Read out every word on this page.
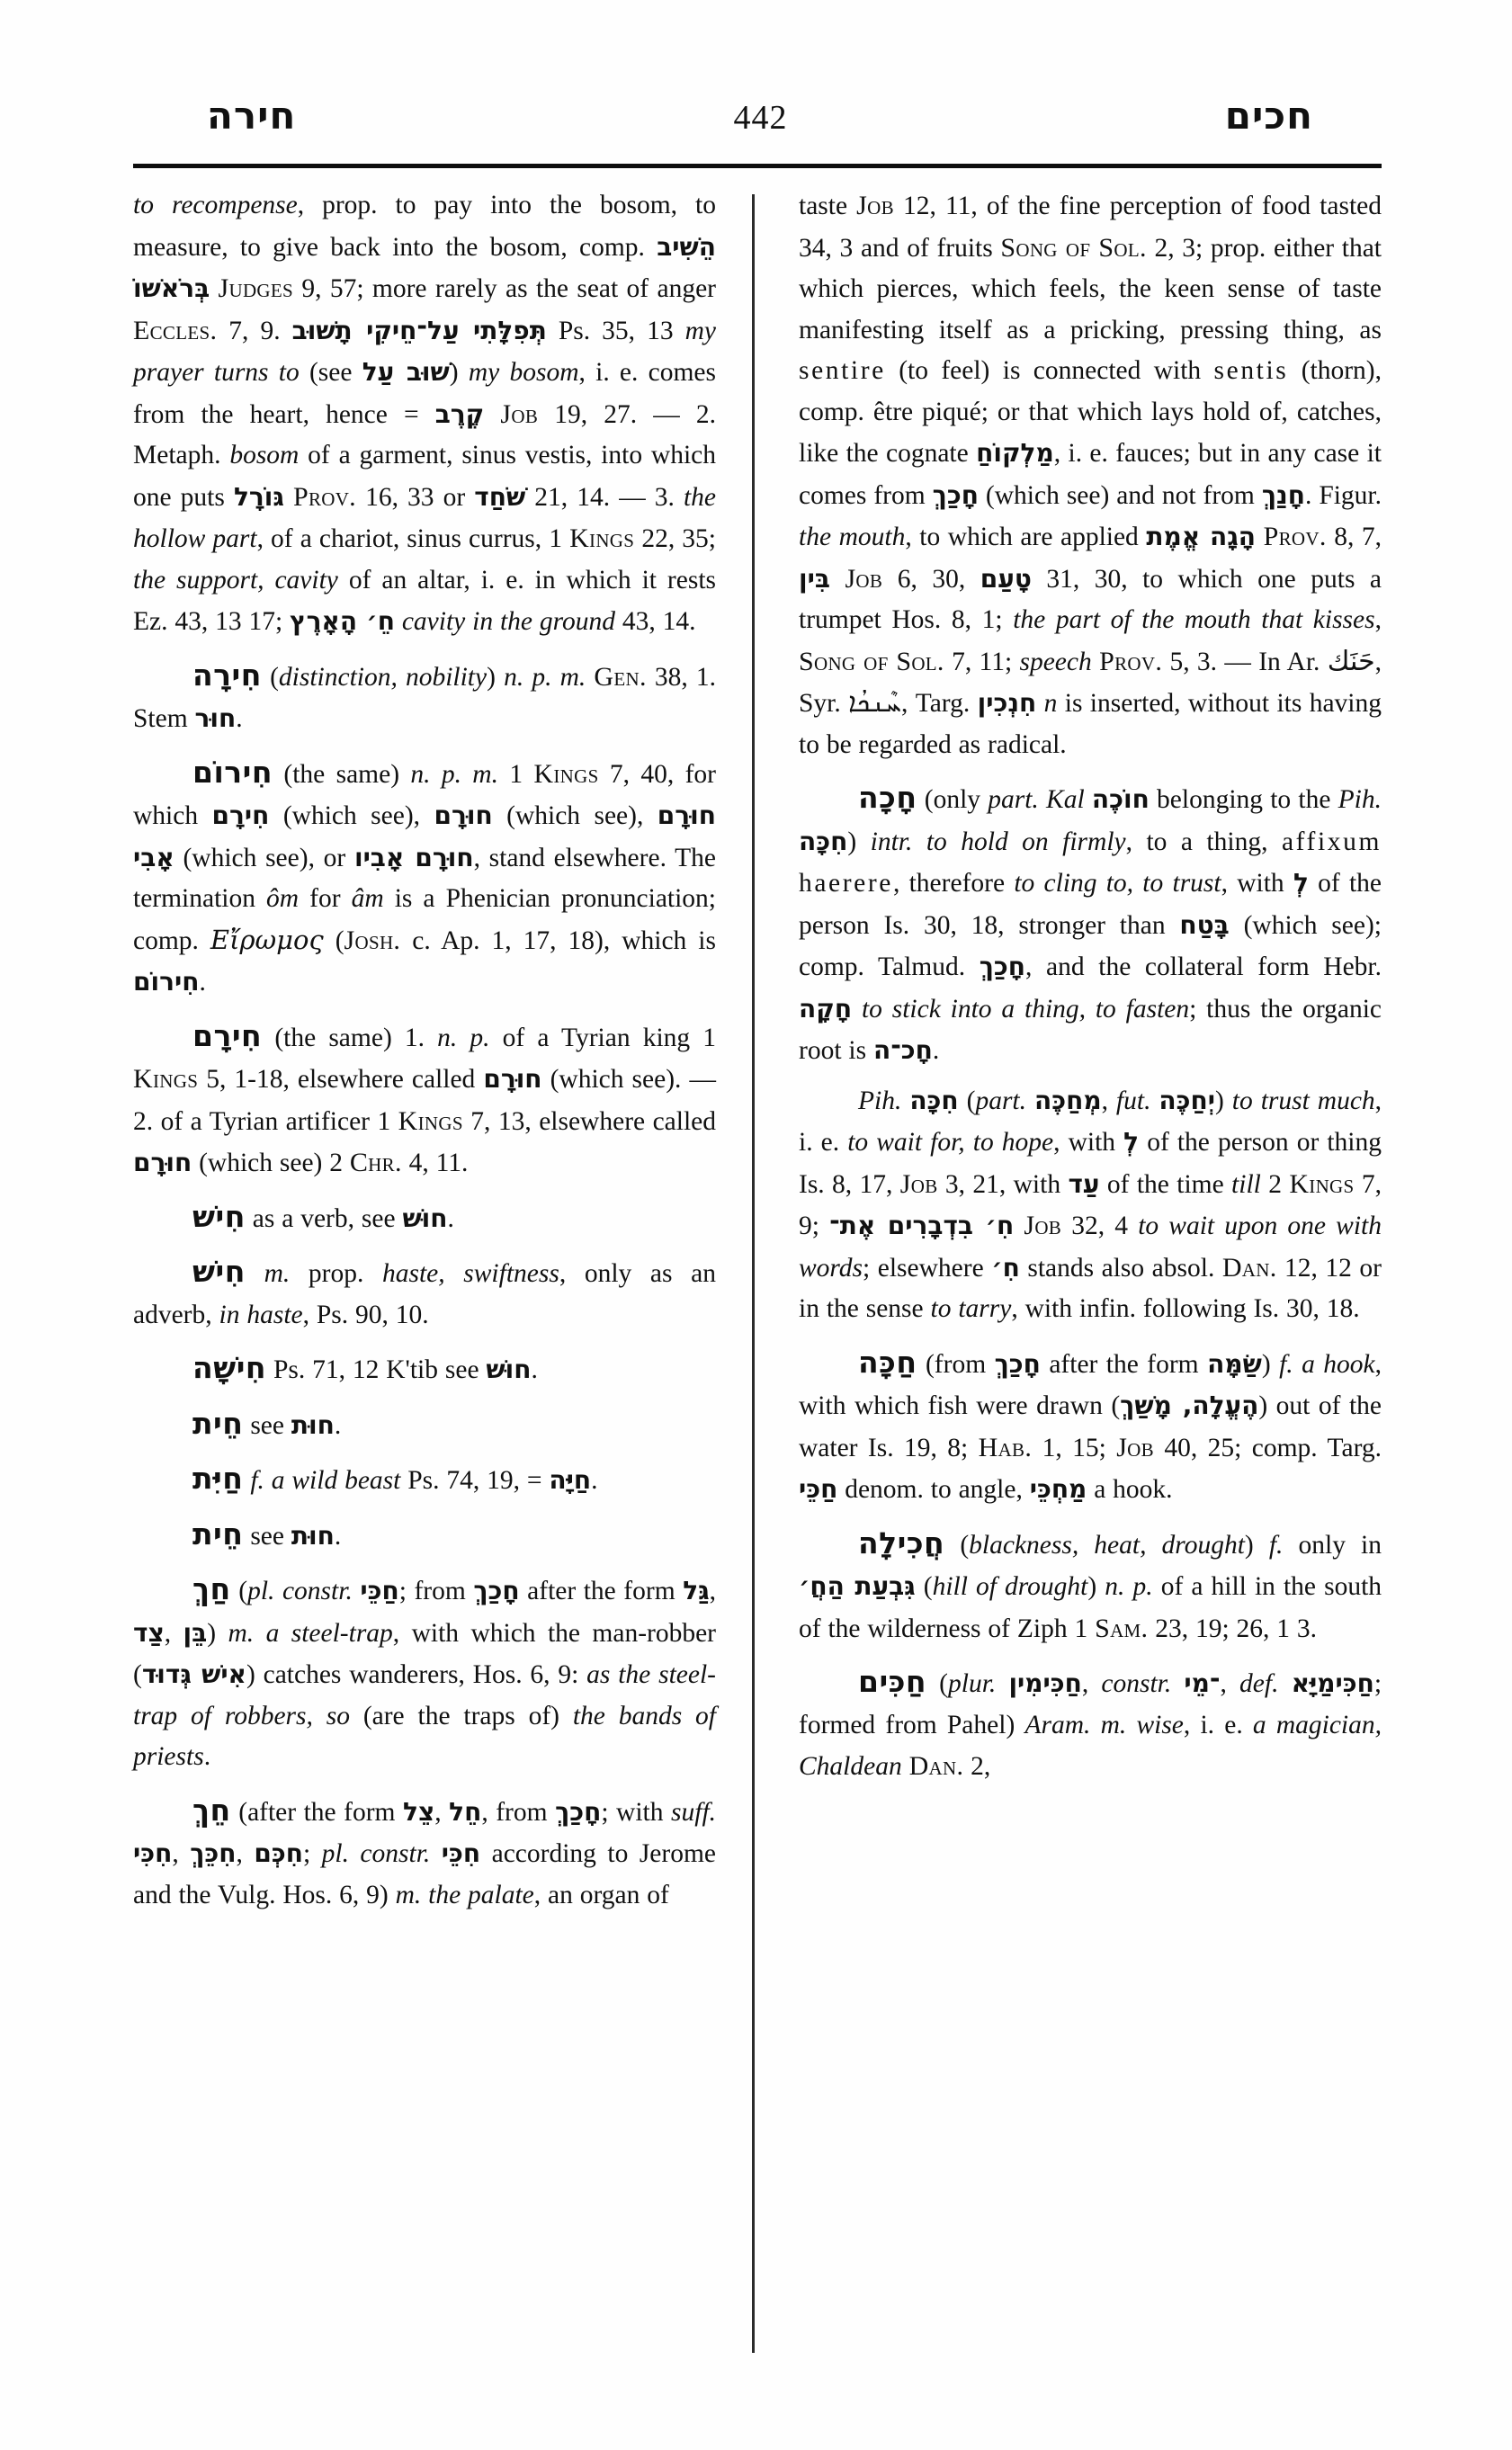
חירה	442	חכים

to recompense, prop. to pay into the bosom, to measure, to give back into the bosom, comp. הֵשִׁיב בְּרֹאשׁוֹ Judges 9, 57; more rarely as the seat of anger Eccles. 7, 9. תְּפִלָּתִי עַל־חֵיקִי תָשׁוּב Ps. 35, 13 my prayer turns to (see שׁוּב עַל) my bosom, i. e. comes from the heart, hence = קֶרֶב Job 19, 27. — 2. Metaph. bosom of a garment, sinus vestis, into which one puts גּוֹרָל Prov. 16, 33 or שֹׁחַד 21, 14. — 3. the hollow part, of a chariot, sinus currus, 1 Kings 22, 35; the support, cavity of an altar, i. e. in which it rests Ez. 43, 13 17; חֵ׳ הָאָרֶץ cavity in the ground 43, 14.

חִירָה (distinction, nobility) n. p. m. Gen. 38, 1. Stem חוּר.

חִירוֹם (the same) n. p. m. 1 Kings 7, 40, for which חִירָם (which see), חוּרָם (which see), חוּרָם אָבִי (which see), or חוּרָם אָבִיו, stand elsewhere. The termination ôm for âm is a Phenician pronunciation; comp. Εἴρωμος (Josh. c. Ap. 1, 17, 18), which is חִירוֹם.

חִירָם (the same) 1. n. p. of a Tyrian king 1 Kings 5, 1-18, elsewhere called חוּרָם (which see). — 2. of a Tyrian artificer 1 Kings 7, 13, elsewhere called חוּרָם (which see) 2 Chr. 4, 11.

חִישׁ as a verb, see חוּשׁ.

חִישׁ m. prop. haste, swiftness, only as an adverb, in haste, Ps. 90, 10.

חִישָׁה Ps. 71, 12 K'tib see חוּשׁ.

חֵית see חוּת.

חַיִּת f. a wild beast Ps. 74, 19, = חַיָּה.

חֵית see חוּת.

חַךְ (pl. constr. חַכֵּי; from חָכַךְ after the form גַּל, צַד, בֵּן) m. a steel-trap, with which the man-robber (אִישׁ גְּדוּד) catches wanderers, Hos. 6, 9: as the steel-trap of robbers, so (are the traps of) the bands of priests.

חֵךְ (after the form צֵל, חֵל, from חָכַךְ; with suff. חִכִּי, חִכֵּךְ, חִכְּם; pl. constr. חִכֵּי according to Jerome and the Vulg. Hos. 6, 9) m. the palate, an organ of

taste Job 12, 11, of the fine perception of food tasted 34, 3 and of fruits Song of Sol. 2, 3; prop. either that which pierces, which feels, the keen sense of taste manifesting itself as a pricking, pressing thing, as sentire (to feel) is connected with sentis (thorn), comp. être piqué; or that which lays hold of, catches, like the cognate מַלְקוֹחַ, i. e. fauces; but in any case it comes from חָכַךְ (which see) and not from חָנַךְ. Figur. the mouth, to which are applied הָגָה אֱמֶת Prov. 8, 7, בִּין Job 6, 30, טָעַם 31, 30, to which one puts a trumpet Hos. 8, 1; the part of the mouth that kisses, Song of Sol. 7, 11; speech Prov. 5, 3. — In Ar. حَنَك, Syr. ܚܶܢܟܳܐ, Targ. חִנְכִין n is inserted, without its having to be regarded as radical.

חָכָה (only part. Kal חוֹכֶה belonging to the Pih. חִכָּה) intr. to hold on firmly, to a thing, affixum haerere, therefore to cling to, to trust, with לְ of the person Is. 30, 18, stronger than בָּטַח (which see); comp. Talmud. חָכַךְ, and the collateral form Hebr. חָקָה to stick into a thing, to fasten; thus the organic root is חָכ־ה.

Pih. חִכָּה (part. מְחַכֶּה, fut. יְחַכֶּה) to trust much, i. e. to wait for, to hope, with לְ of the person or thing Is. 8, 17, Job 3, 21, with עַד of the time till 2 Kings 7, 9; חִ׳ בִדְבָרִים אֶת־ Job 32, 4 to wait upon one with words; elsewhere חִ׳ stands also absol. Dan. 12, 12 or in the sense to tarry, with infin. following Is. 30, 18.

חַכָּה (from חָכַךְ after the form שַׂמָּה) f. a hook, with which fish were drawn (הֶעֱלָה, מָשַׁךְ) out of the water Is. 19, 8; Hab. 1, 15; Job 40, 25; comp. Targ. חַכֵּי denom. to angle, מַחְכֵּי a hook.

חֲכִילָה (blackness, heat, drought) f. only in גִּבְעַת הַחֲ׳ (hill of drought) n. p. of a hill in the south of the wilderness of Ziph 1 Sam. 23, 19; 26, 1 3.

חַכִּים (plur. חַכִּימִין, constr. ־מֵי, def. חַכִּימַיָּא; formed from Pahel) Aram. m. wise, i. e. a magician, Chaldean Dan. 2,
